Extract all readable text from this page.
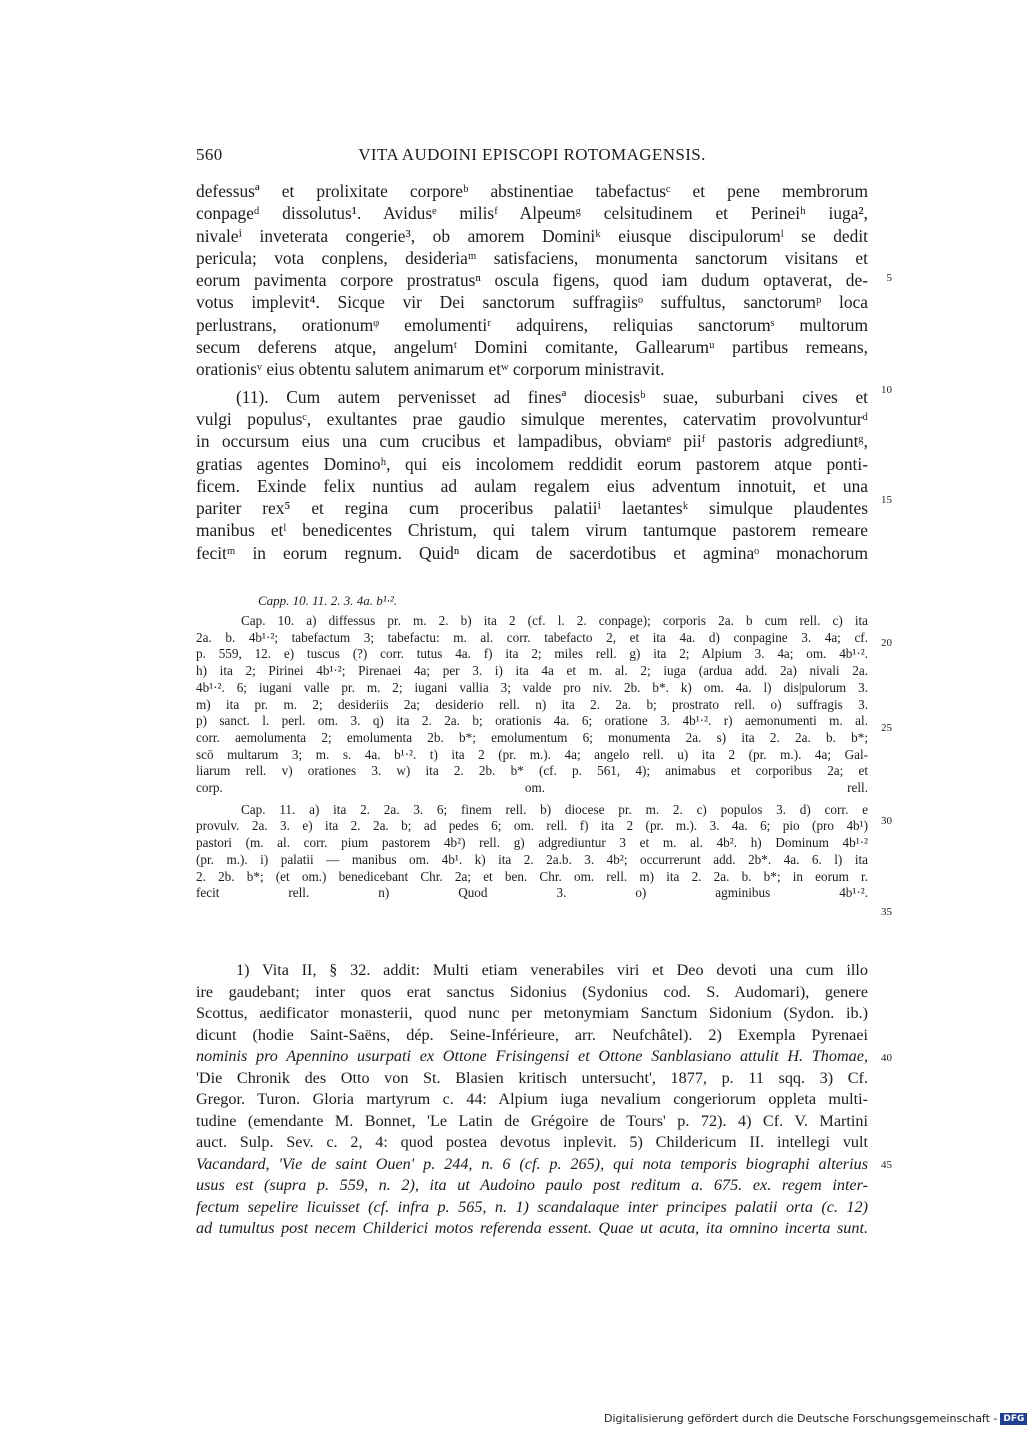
560	VITA AUDOINI EPISCOPI ROTOMAGENSIS.

defessusª et prolixitate corporeᵇ abstinentiae tabefactusᶜ et pene membrorum
conpageᵈ dissolutus¹. Avidusᵉ milisᶠ Alpeumᵍ celsitudinem et Perineiʰ iuga²,
nivaleⁱ inveterata congerie³, ob amorem Dominiᵏ eiusque discipulorumˡ se dedit
pericula; vota conplens, desideriaᵐ satisfaciens, monumenta sanctorum visitans et
eorum pavimenta corpore prostratusⁿ oscula figens, quod iam dudum optaverat, de-
votus implevit⁴. Sicque vir Dei sanctorum suffragiisᵒ suffultus, sanctorumᵖ loca
perlustrans, orationumᵠ emolumentiʳ adquirens, reliquias sanctorumˢ multorum
secum deferens atque, angelumᵗ Domini comitante, Gallearumᵘ partibus remeans,
orationisᵛ eius obtentu salutem animarum etʷ corporum ministravit.

(11). Cum autem pervenisset ad finesª diocesisᵇ suae, suburbani cives et
vulgi populusᶜ, exultantes prae gaudio simulque merentes, catervatim provolvunturᵈ
in occursum eius una cum crucibus et lampadibus, obviamᵉ piiᶠ pastoris adgrediuntᵍ,
gratias agentes Dominoʰ, qui eis incolomem reddidit eorum pastorem atque ponti-
ficem. Exinde felix nuntius ad aulam regalem eius adventum innotuit, et una
pariter rex⁵ et regina cum proceribus palatiiⁱ laetantesᵏ simulque plaudentes
manibus etˡ benedicentes Christum, qui talem virum tantumque pastorem remeare
fecitᵐ in eorum regnum. Quidⁿ dicam de sacerdotibus et agminaᵒ monachorum

5
10
15
Capp. 10. 11. 2. 3. 4a. b¹·².
Cap. 10. a) diffessus pr. m. 2. b) ita 2 (cf. l. 2. conpage); corporis 2a. b cum rell. c) ita
2a. b. 4b¹·²; tabefactum 3; tabefactu: m. al. corr. tabefacto 2, et ita 4a. d) conpagine 3. 4a; cf.
p. 559, 12. e) tuscus (?) corr. tutus 4a. f) ita 2; miles rell. g) ita 2; Alpium 3. 4a; om. 4b¹·².
h) ita 2; Pirinei 4b¹·²; Pirenaei 4a; per 3. i) ita 4a et m. al. 2; iuga (ardua add. 2a) nivali 2a.
4b¹·². 6; iugani valle pr. m. 2; iugani vallia 3; valde pro niv. 2b. b*. k) om. 4a. l) dis|pulorum 3.
m) ita pr. m. 2; desideriis 2a; desiderio rell. n) ita 2. 2a. b; prostrato rell. o) suffragis 3.
p) sanct. l. perl. om. 3. q) ita 2. 2a. b; orationis 4a. 6; oratione 3. 4b¹·². r) aemonumenti m. al.
corr. aemolumenta 2; emolumenta 2b. b*; emolumentum 6; monumenta 2a. s) ita 2. 2a. b. b*;
scō multarum 3; m. s. 4a. b¹·². t) ita 2 (pr. m.). 4a; angelo rell. u) ita 2 (pr. m.). 4a; Gal-
liarum rell. v) orationes 3. w) ita 2. 2b. b* (cf. p. 561, 4); animabus et corporibus 2a; et
corp. om. rell.
Cap. 11. a) ita 2. 2a. 3. 6; finem rell. b) diocese pr. m. 2. c) populos 3. d) corr. e
provulv. 2a. 3. e) ita 2. 2a. b; ad pedes 6; om. rell. f) ita 2 (pr. m.). 3. 4a. 6; pio (pro 4b¹)
pastori (m. al. corr. pium pastorem 4b²) rell. g) adgrediuntur 3 et m. al. 4b². h) Dominum 4b¹·²
(pr. m.). i) palatii — manibus om. 4b¹. k) ita 2. 2a.b. 3. 4b²; occurrerunt add. 2b*. 4a. 6. l) ita
2. 2b. b*; (et om.) benedicebant Chr. 2a; et ben. Chr. om. rell. m) ita 2. 2a. b. b*; in eorum r.
fecit rell. n) Quod 3. o) agminibus 4b¹·².
20
25
30
35
1) Vita II, § 32. addit: Multi etiam venerabiles viri et Deo devoti una cum illo
ire gaudebant; inter quos erat sanctus Sidonius (Sydonius cod. S. Audomari), genere
Scottus, aedificator monasterii, quod nunc per metonymiam Sanctum Sidonium (Sydon. ib.)
dicunt (hodie Saint-Saëns, dép. Seine-Inférieure, arr. Neufchâtel). 2) Exempla Pyrenaei
nominis pro Apennino usurpati ex Ottone Frisingensi et Ottone Sanblasiano attulit H. Thomae,
'Die Chronik des Otto von St. Blasien kritisch untersucht', 1877, p. 11 sqq. 3) Cf.
Gregor. Turon. Gloria martyrum c. 44: Alpium iuga nevalium congeriorum oppleta multi-
tudine (emendante M. Bonnet, 'Le Latin de Grégoire de Tours' p. 72). 4) Cf. V. Martini
auct. Sulp. Sev. c. 2, 4: quod postea devotus inplevit. 5) Childericum II. intellegi vult
Vacandard, 'Vie de saint Ouen' p. 244, n. 6 (cf. p. 265), qui nota temporis biographi alterius
usus est (supra p. 559, n. 2), ita ut Audoino paulo post reditum a. 675. ex. regem inter-
fectum sepelire licuisset (cf. infra p. 565, n. 1) scandalaque inter principes palatii orta (c. 12)
ad tumultus post necem Childerici motos referenda essent. Quae ut acuta, ita omnino incerta sunt.
40
45
Digitalisierung gefördert durch die Deutsche Forschungsgemeinschaft - DFG
